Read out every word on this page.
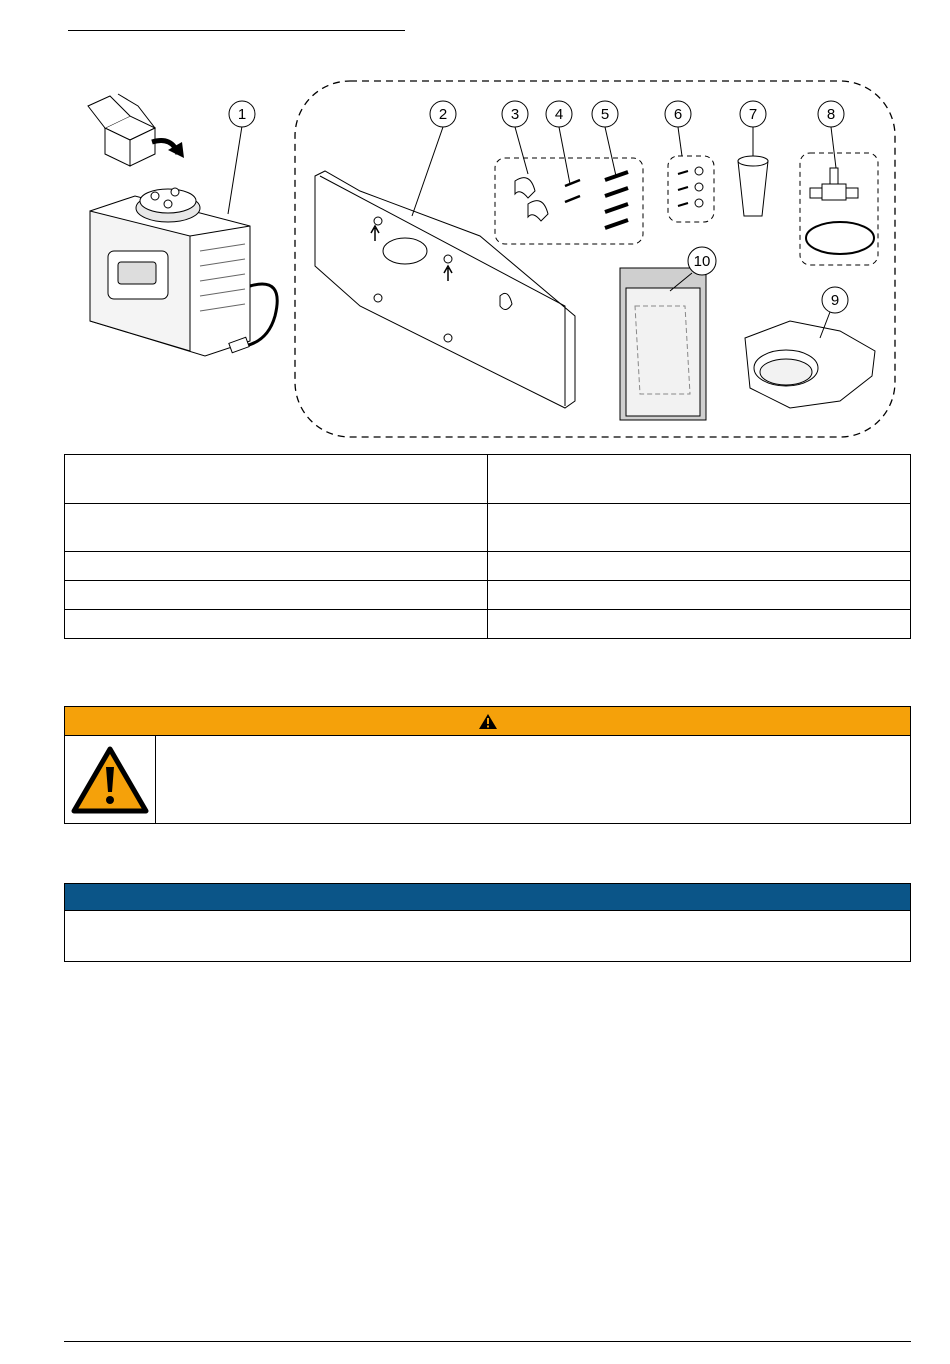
1	2	3 4	5	6	7	8
9
10
